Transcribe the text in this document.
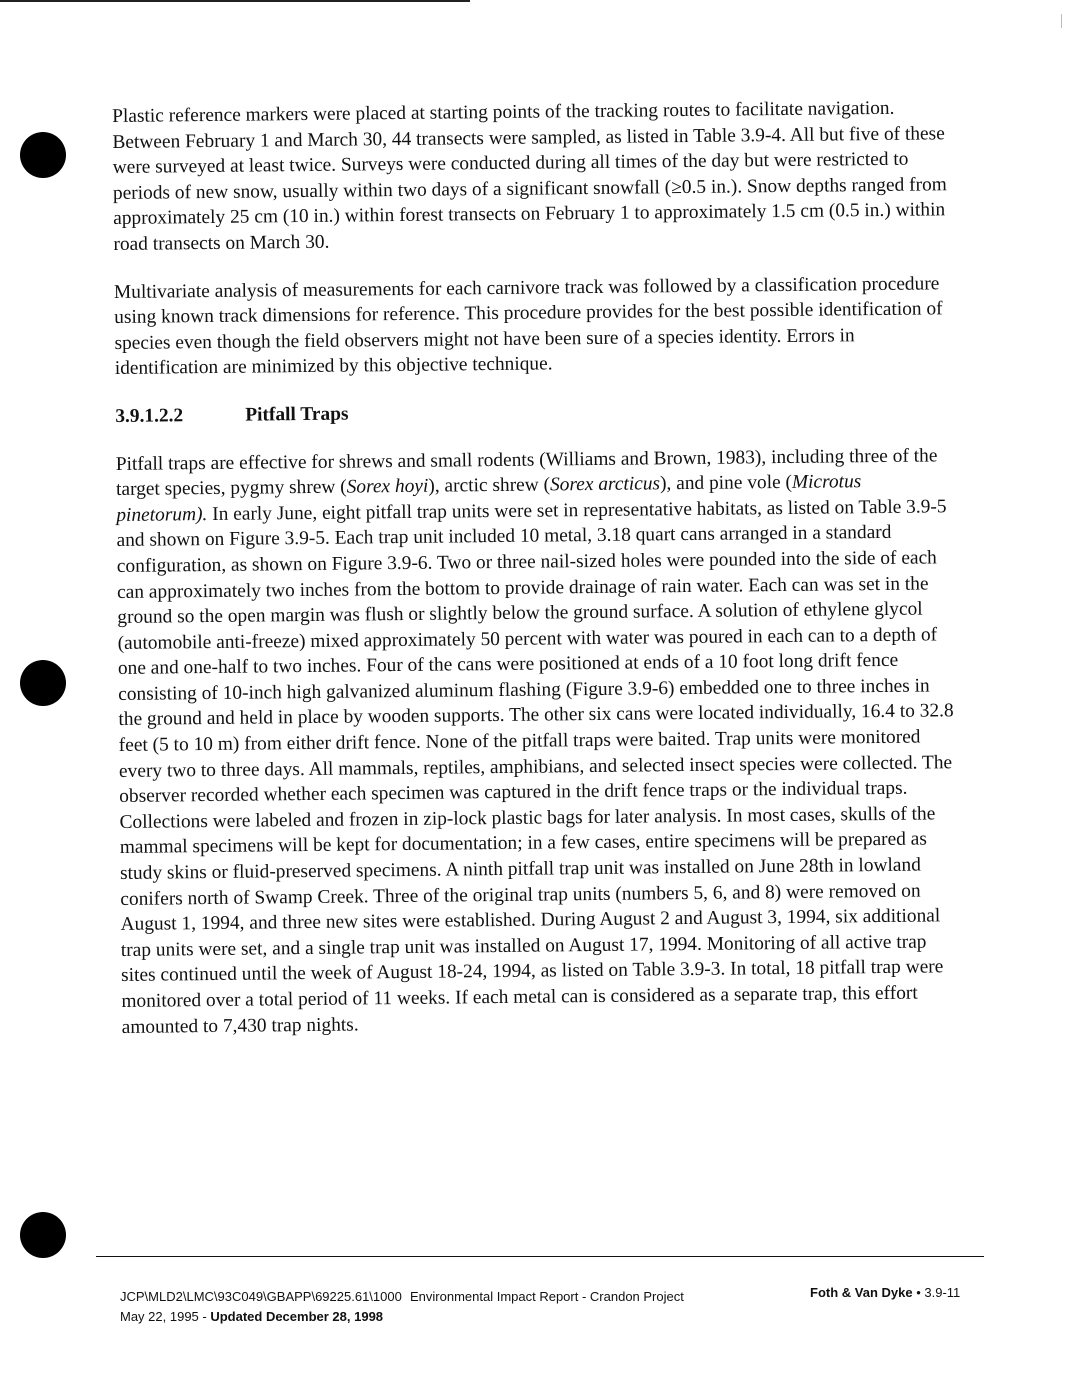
Plastic reference markers were placed at starting points of the tracking routes to facilitate navigation. Between February 1 and March 30, 44 transects were sampled, as listed in Table 3.9-4. All but five of these were surveyed at least twice. Surveys were conducted during all times of the day but were restricted to periods of new snow, usually within two days of a significant snowfall (≥0.5 in.). Snow depths ranged from approximately 25 cm (10 in.) within forest transects on February 1 to approximately 1.5 cm (0.5 in.) within road transects on March 30.

Multivariate analysis of measurements for each carnivore track was followed by a classification procedure using known track dimensions for reference. This procedure provides for the best possible identification of species even though the field observers might not have been sure of a species identity. Errors in identification are minimized by this objective technique.

3.9.1.2.2	Pitfall Traps

Pitfall traps are effective for shrews and small rodents (Williams and Brown, 1983), including three of the target species, pygmy shrew (Sorex hoyi), arctic shrew (Sorex arcticus), and pine vole (Microtus pinetorum). In early June, eight pitfall trap units were set in representative habitats, as listed on Table 3.9-5 and shown on Figure 3.9-5. Each trap unit included 10 metal, 3.18 quart cans arranged in a standard configuration, as shown on Figure 3.9-6. Two or three nail-sized holes were pounded into the side of each can approximately two inches from the bottom to provide drainage of rain water. Each can was set in the ground so the open margin was flush or slightly below the ground surface. A solution of ethylene glycol (automobile anti-freeze) mixed approximately 50 percent with water was poured in each can to a depth of one and one-half to two inches. Four of the cans were positioned at ends of a 10 foot long drift fence consisting of 10-inch high galvanized aluminum flashing (Figure 3.9-6) embedded one to three inches in the ground and held in place by wooden supports. The other six cans were located individually, 16.4 to 32.8 feet (5 to 10 m) from either drift fence. None of the pitfall traps were baited. Trap units were monitored every two to three days. All mammals, reptiles, amphibians, and selected insect species were collected. The observer recorded whether each specimen was captured in the drift fence traps or the individual traps. Collections were labeled and frozen in zip-lock plastic bags for later analysis. In most cases, skulls of the mammal specimens will be kept for documentation; in a few cases, entire specimens will be prepared as study skins or fluid-preserved specimens. A ninth pitfall trap unit was installed on June 28th in lowland conifers north of Swamp Creek. Three of the original trap units (numbers 5, 6, and 8) were removed on August 1, 1994, and three new sites were established. During August 2 and August 3, 1994, six additional trap units were set, and a single trap unit was installed on August 17, 1994. Monitoring of all active trap sites continued until the week of August 18-24, 1994, as listed on Table 3.9-3. In total, 18 pitfall trap were monitored over a total period of 11 weeks. If each metal can is considered as a separate trap, this effort amounted to 7,430 trap nights.

JCP\MLD2\LMC\93C049\GBAPP\69225.61\1000
May 22, 1995 - Updated December 28, 1998
Environmental Impact Report - Crandon Project	Foth & Van Dyke • 3.9-11
